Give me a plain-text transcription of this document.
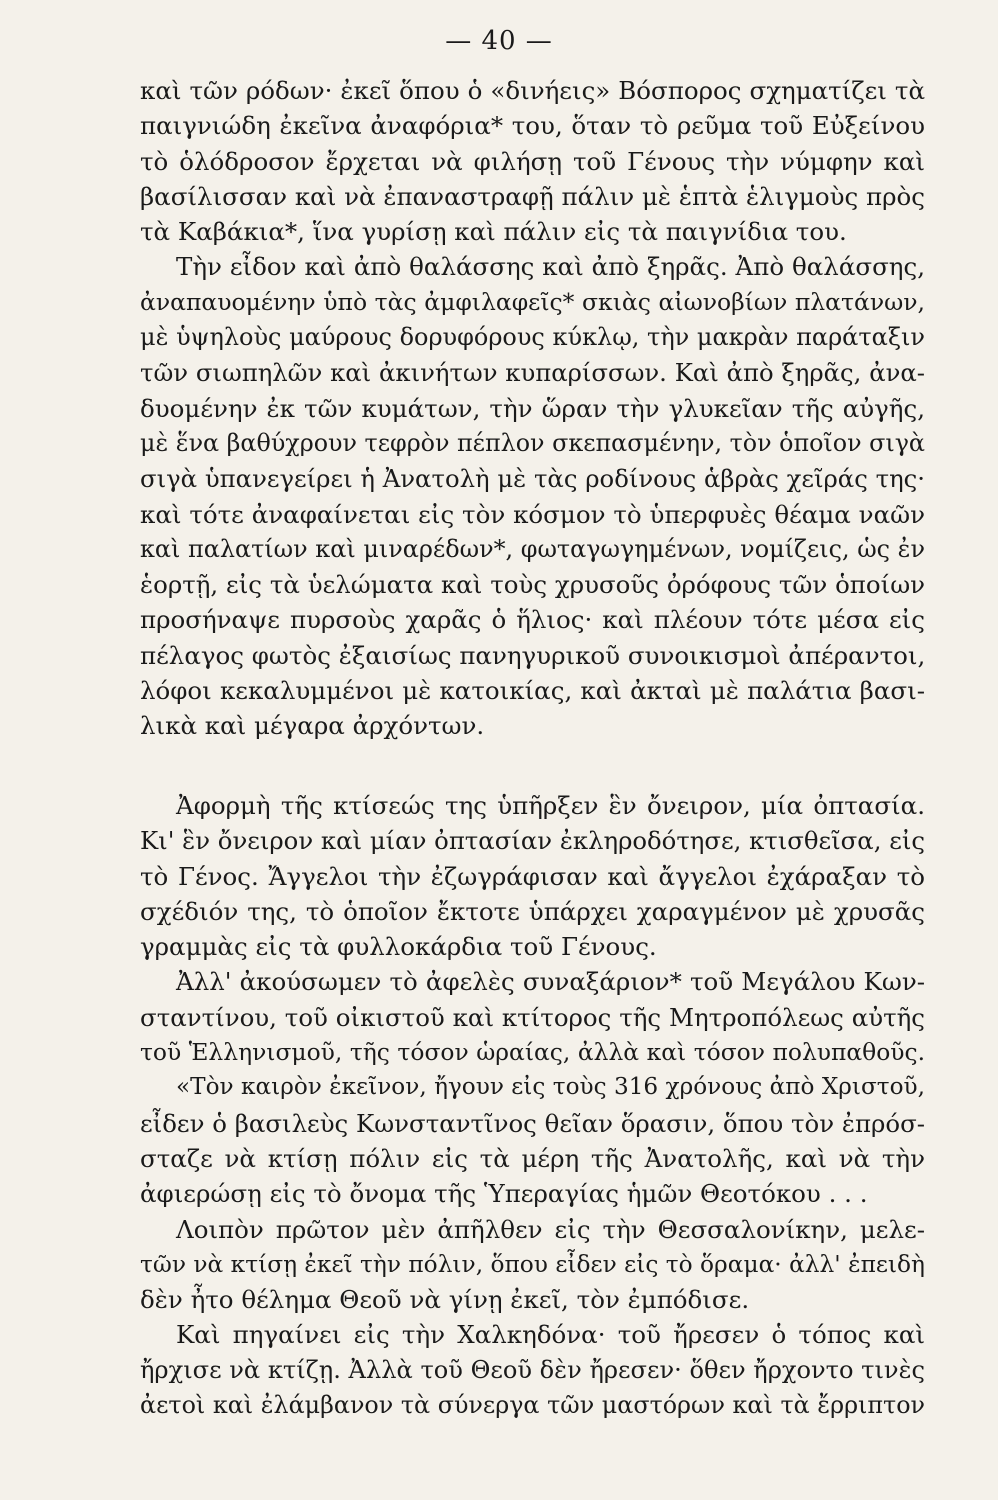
— 40 —
καὶ τῶν ρόδων· ἐκεῖ ὅπου ὁ «δινήεις» Βόσπορος σχηματίζει τὰ
παιγνιώδη ἐκεῖνα ἀναφόρια* του, ὅταν τὸ ρεῦμα τοῦ Εὐξείνου
τὸ ὁλόδροσον ἔρχεται νὰ φιλήσῃ τοῦ Γένους τὴν νύμφην καὶ
βασίλισσαν καὶ νὰ ἐπαναστραφῇ πάλιν μὲ ἑπτὰ ἑλιγμοὺς πρὸς
τὰ Καβάκια*, ἵνα γυρίσῃ καὶ πάλιν εἰς τὰ παιγνίδια του.
Τὴν εἶδον καὶ ἀπὸ θαλάσσης καὶ ἀπὸ ξηρᾶς. Ἀπὸ θαλάσσης,
ἀναπαυομένην ὑπὸ τὰς ἀμφιλαφεῖς* σκιὰς αἰωνοβίων πλατάνων,
μὲ ὑψηλοὺς μαύρους δορυφόρους κύκλῳ, τὴν μακρὰν παράταξιν
τῶν σιωπηλῶν καὶ ἀκινήτων κυπαρίσσων. Καὶ ἀπὸ ξηρᾶς, ἀνα-
δυομένην ἐκ τῶν κυμάτων, τὴν ὥραν τὴν γλυκεῖαν τῆς αὐγῆς,
μὲ ἕνα βαθύχρουν τεφρὸν πέπλον σκεπασμένην, τὸν ὁποῖον σιγὰ
σιγὰ ὑπανεγείρει ἡ Ἀνατολὴ μὲ τὰς ροδίνους ἁβρὰς χεῖράς της·
καὶ τότε ἀναφαίνεται εἰς τὸν κόσμον τὸ ὑπερφυὲς θέαμα ναῶν
καὶ παλατίων καὶ μιναρέδων*, φωταγωγημένων, νομίζεις, ὡς ἐν
ἑορτῇ, εἰς τὰ ὑελώματα καὶ τοὺς χρυσοῦς ὀρόφους τῶν ὁποίων
προσήναψε πυρσοὺς χαρᾶς ὁ ἥλιος· καὶ πλέουν τότε μέσα εἰς
πέλαγος φωτὸς ἐξαισίως πανηγυρικοῦ συνοικισμοὶ ἀπέραντοι,
λόφοι κεκαλυμμένοι μὲ κατοικίας, καὶ ἀκταὶ μὲ παλάτια βασι-
λικὰ καὶ μέγαρα ἀρχόντων.
Ἀφορμὴ τῆς κτίσεώς της ὑπῆρξεν ἓν ὄνειρον, μία ὀπτασία.
Κι' ἓν ὄνειρον καὶ μίαν ὀπτασίαν ἐκληροδότησε, κτισθεῖσα, εἰς
τὸ Γένος. Ἄγγελοι τὴν ἐζωγράφισαν καὶ ἄγγελοι ἐχάραξαν τὸ
σχέδιόν της, τὸ ὁποῖον ἔκτοτε ὑπάρχει χαραγμένον μὲ χρυσᾶς
γραμμὰς εἰς τὰ φυλλοκάρδια τοῦ Γένους.
Ἀλλ' ἀκούσωμεν τὸ ἀφελὲς συναξάριον* τοῦ Μεγάλου Κων-
σταντίνου, τοῦ οἰκιστοῦ καὶ κτίτορος τῆς Μητροπόλεως αὐτῆς
τοῦ Ἑλληνισμοῦ, τῆς τόσον ὡραίας, ἀλλὰ καὶ τόσον πολυπαθοῦς.
«Τὸν καιρὸν ἐκεῖνον, ἤγουν εἰς τοὺς 316 χρόνους ἀπὸ Χριστοῦ,
εἶδεν ὁ βασιλεὺς Κωνσταντῖνος θεῖαν ὅρασιν, ὅπου τὸν ἐπρόσ-
σταζε νὰ κτίσῃ πόλιν εἰς τὰ μέρη τῆς Ἀνατολῆς, καὶ νὰ τὴν
ἀφιερώσῃ εἰς τὸ ὄνομα τῆς Ὑπεραγίας ἡμῶν Θεοτόκου . . .
Λοιπὸν πρῶτον μὲν ἀπῆλθεν εἰς τὴν Θεσσαλονίκην, μελε-
τῶν νὰ κτίσῃ ἐκεῖ τὴν πόλιν, ὅπου εἶδεν εἰς τὸ ὅραμα· ἀλλ' ἐπειδὴ
δὲν ἦτο θέλημα Θεοῦ νὰ γίνῃ ἐκεῖ, τὸν ἐμπόδισε.
Καὶ πηγαίνει εἰς τὴν Χαλκηδόνα· τοῦ ἤρεσεν ὁ τόπος καὶ
ἤρχισε νὰ κτίζῃ. Ἀλλὰ τοῦ Θεοῦ δὲν ἤρεσεν· ὅθεν ἤρχοντο τινὲς
ἀετοὶ καὶ ἐλάμβανον τὰ σύνεργα τῶν μαστόρων καὶ τὰ ἔρριπτον
